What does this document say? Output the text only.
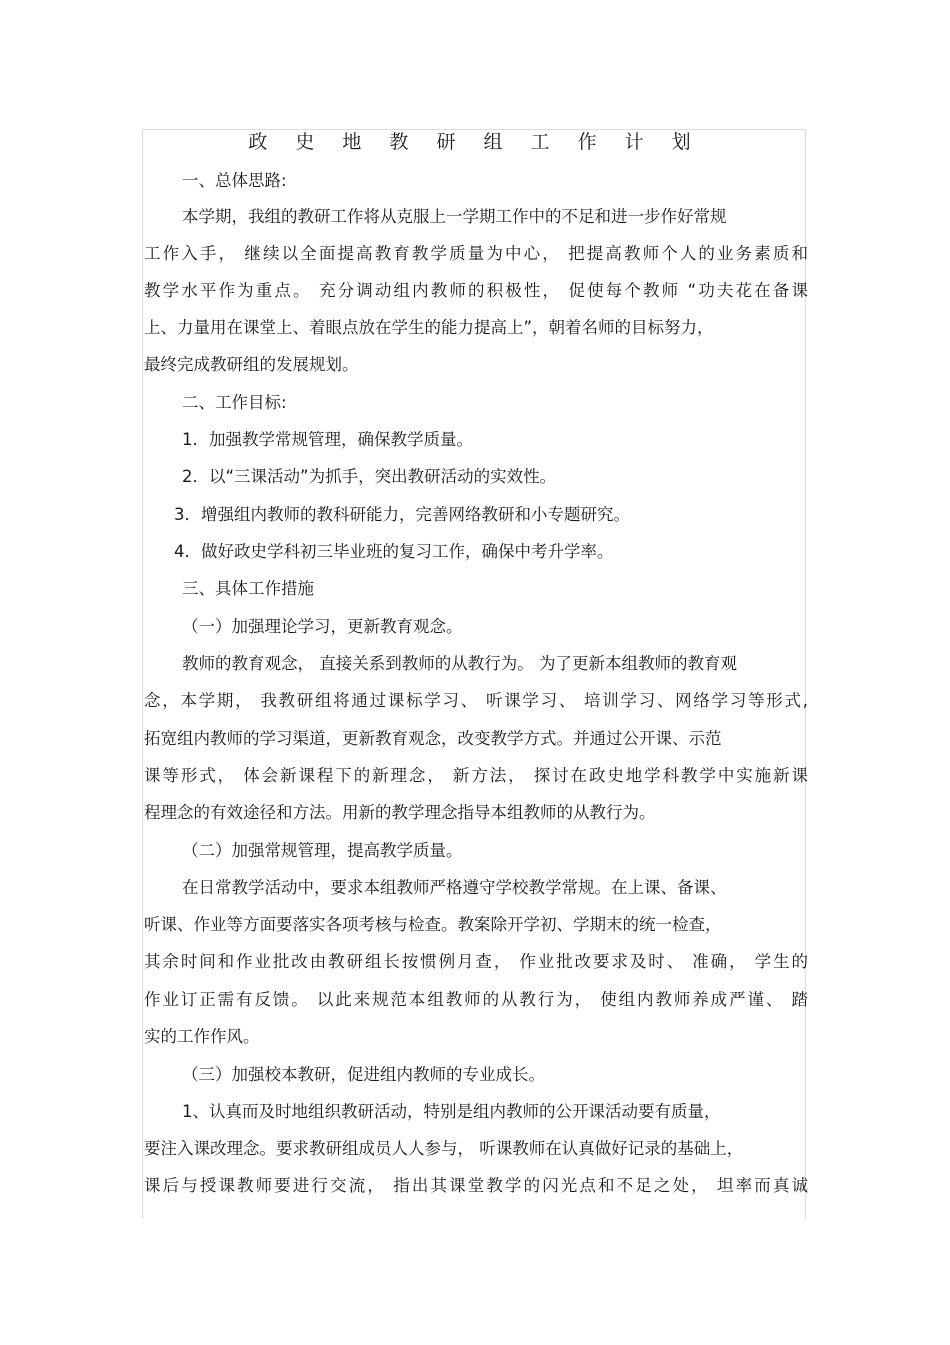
政 史 地 教 研 组 工 作 计 划
一、总体思路:
本学期，我组的教研工作将从克服上一学期工作中的不足和进一步作好常规
工作入手， 继续以全面提高教育教学质量为中心， 把提高教师个人的业务素质和
教学水平作为重点。 充分调动组内教师的积极性， 促使每个教师 “功夫花在备课
上、力量用在课堂上、着眼点放在学生的能力提高上”，朝着名师的目标努力，
最终完成教研组的发展规划。
二、工作目标:
1．加强教学常规管理，确保教学质量。
2．以“三课活动”为抓手，突出教研活动的实效性。
3．增强组内教师的教科研能力，完善网络教研和小专题研究。
4．做好政史学科初三毕业班的复习工作，确保中考升学率。
三、具体工作措施
（一）加强理论学习，更新教育观念。
教师的教育观念， 直接关系到教师的从教行为。 为了更新本组教师的教育观
念，本学期， 我教研组将通过课标学习、 听课学习、 培训学习、网络学习等形式,
拓宽组内教师的学习渠道，更新教育观念，改变教学方式。并通过公开课、示范
课等形式， 体会新课程下的新理念， 新方法， 探讨在政史地学科教学中实施新课
程理念的有效途径和方法。用新的教学理念指导本组教师的从教行为。
（二）加强常规管理，提高教学质量。
在日常教学活动中，要求本组教师严格遵守学校教学常规。在上课、备课、
听课、作业等方面要落实各项考核与检查。教案除开学初、学期末的统一检查，
其余时间和作业批改由教研组长按惯例月查， 作业批改要求及时、 准确， 学生的
作业订正需有反馈。 以此来规范本组教师的从教行为， 使组内教师养成严谨、 踏
实的工作作风。
（三）加强校本教研，促进组内教师的专业成长。
1、认真而及时地组织教研活动，特别是组内教师的公开课活动要有质量，
要注入课改理念。要求教研组成员人人参与， 听课教师在认真做好记录的基础上，
课后与授课教师要进行交流， 指出其课堂教学的闪光点和不足之处， 坦率而真诚
